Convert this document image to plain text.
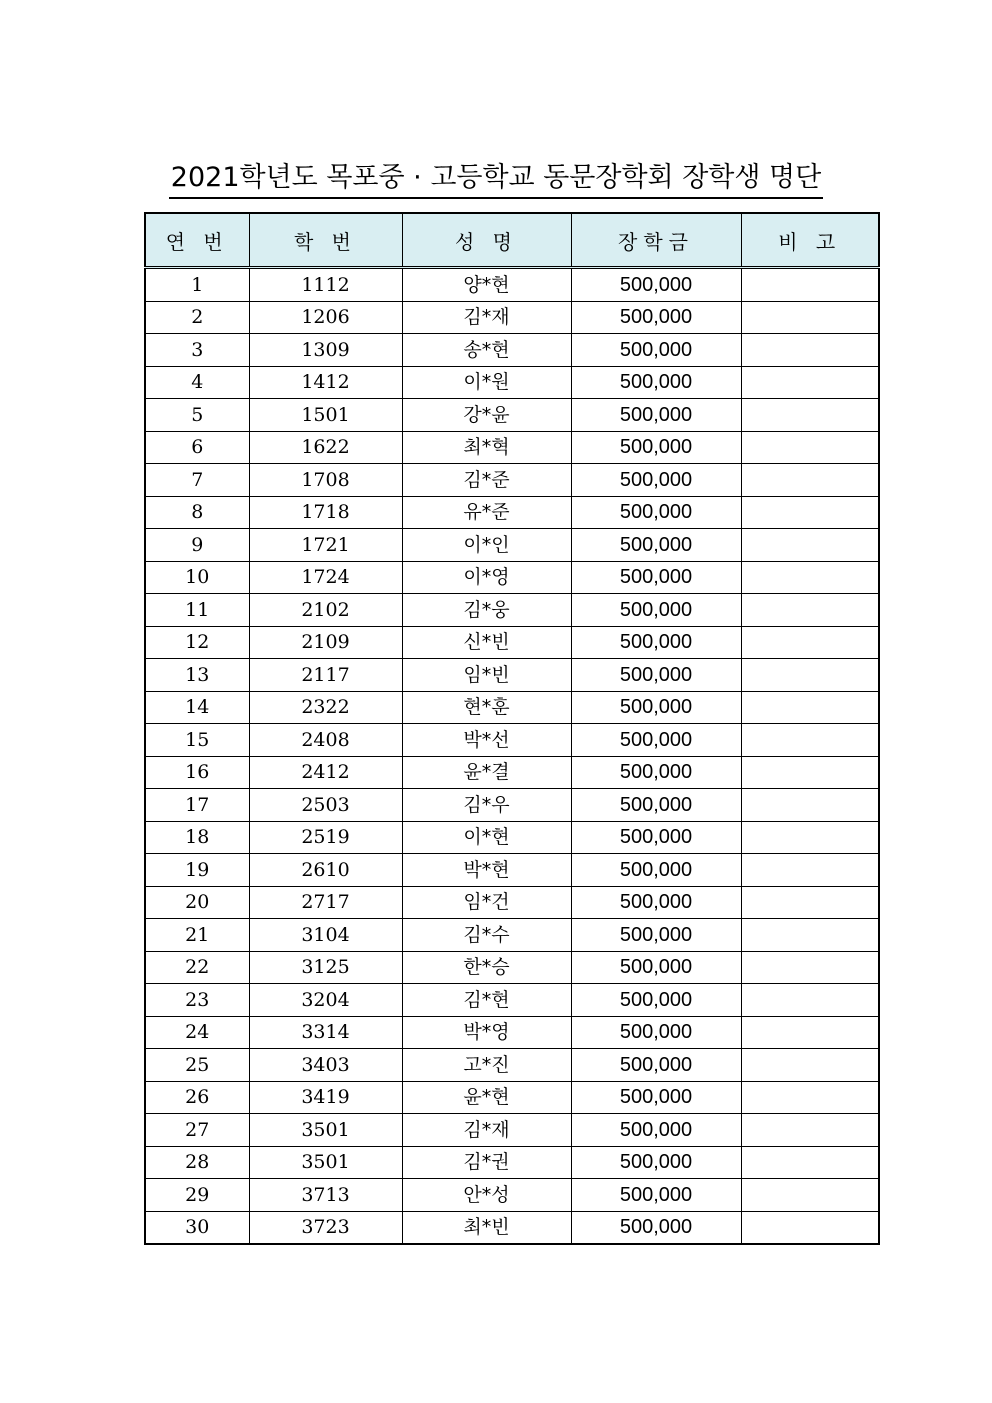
2021학년도 목포중 · 고등학교 동문장학회 장학생 명단
연 번	학 번	성 명	장학금	비 고
1	1112	양*현	500,000	
2	1206	김*재	500,000	
3	1309	송*현	500,000	
4	1412	이*원	500,000	
5	1501	강*윤	500,000	
6	1622	최*혁	500,000	
7	1708	김*준	500,000	
8	1718	유*준	500,000	
9	1721	이*인	500,000	
10	1724	이*영	500,000	
11	2102	김*웅	500,000	
12	2109	신*빈	500,000	
13	2117	임*빈	500,000	
14	2322	현*훈	500,000	
15	2408	박*선	500,000	
16	2412	윤*결	500,000	
17	2503	김*우	500,000	
18	2519	이*현	500,000	
19	2610	박*현	500,000	
20	2717	임*건	500,000	
21	3104	김*수	500,000	
22	3125	한*승	500,000	
23	3204	김*현	500,000	
24	3314	박*영	500,000	
25	3403	고*진	500,000	
26	3419	윤*현	500,000	
27	3501	김*재	500,000	
28	3501	김*권	500,000	
29	3713	안*성	500,000	
30	3723	최*빈	500,000	
